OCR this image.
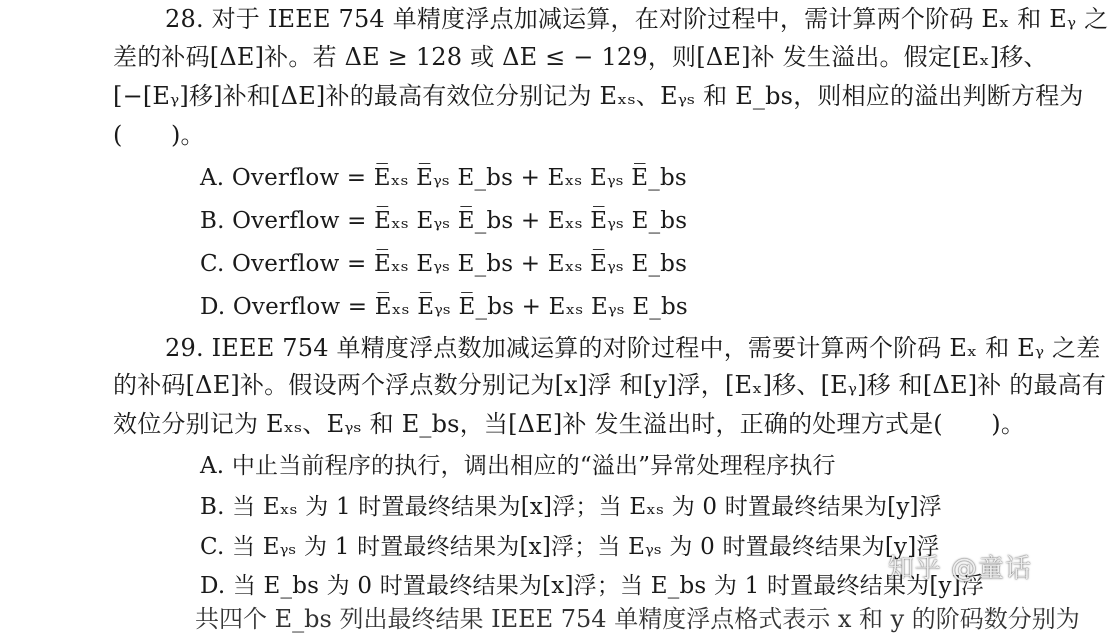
28. 对于 IEEE 754 单精度浮点加减运算，在对阶过程中，需计算两个阶码 Eₓ 和 Eᵧ 之
差的补码[ΔE]补。若 ΔE ≥ 128 或 ΔE ≤ − 129，则[ΔE]补 发生溢出。假定[Eₓ]移、
[−[Eᵧ]移]补和[ΔE]补的最高有效位分别记为 Eₓₛ、Eᵧₛ 和 E_bs，则相应的溢出判断方程为
(　　)。
A. Overflow = E̅ₓₛ E̅ᵧₛ E_bs + Eₓₛ Eᵧₛ E̅_bs
B. Overflow = E̅ₓₛ Eᵧₛ E̅_bs + Eₓₛ E̅ᵧₛ E_bs
C. Overflow = E̅ₓₛ Eᵧₛ E_bs + Eₓₛ E̅ᵧₛ E_bs
D. Overflow = E̅ₓₛ E̅ᵧₛ E̅_bs + Eₓₛ Eᵧₛ E_bs
29. IEEE 754 单精度浮点数加减运算的对阶过程中，需要计算两个阶码 Eₓ 和 Eᵧ 之差
的补码[ΔE]补。假设两个浮点数分别记为[x]浮 和[y]浮，[Eₓ]移、[Eᵧ]移 和[ΔE]补 的最高有
效位分别记为 Eₓₛ、Eᵧₛ 和 E_bs，当[ΔE]补 发生溢出时，正确的处理方式是(　　)。
A. 中止当前程序的执行，调出相应的“溢出”异常处理程序执行
B. 当 Eₓₛ 为 1 时置最终结果为[x]浮；当 Eₓₛ 为 0 时置最终结果为[y]浮
C. 当 Eᵧₛ 为 1 时置最终结果为[x]浮；当 Eᵧₛ 为 0 时置最终结果为[y]浮
D. 当 E_bs 为 0 时置最终结果为[x]浮；当 E_bs 为 1 时置最终结果为[y]浮
共四个 E_bs 列出最终结果 IEEE 754 单精度浮点格式表示 x 和 y 的阶码数分别为
知乎 @童话
